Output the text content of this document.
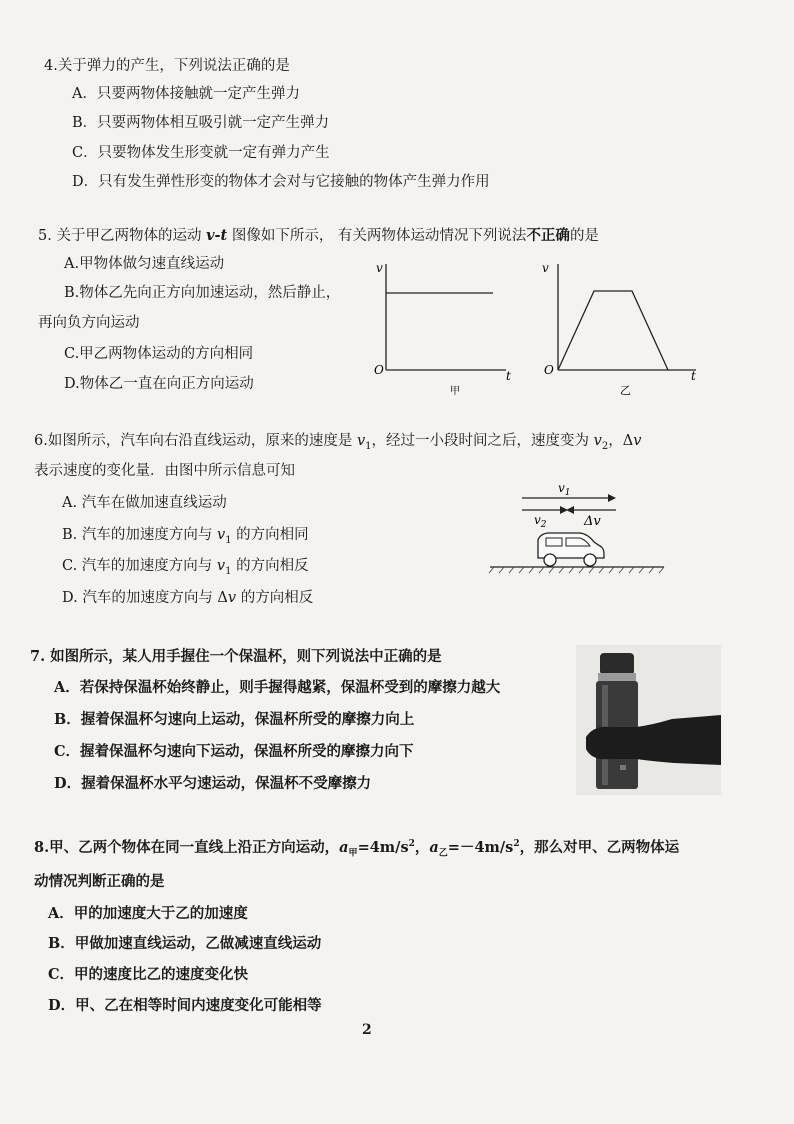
4.关于弹力的产生，下列说法正确的是
A．只要两物体接触就一定产生弹力
B．只要两物体相互吸引就一定产生弹力
C．只要物体发生形变就一定有弹力产生
D．只有发生弹性形变的物体才会对与它接触的物体产生弹力作用
5. 关于甲乙两物体的运动 v-t 图像如下所示， 有关两物体运动情况下列说法不正确的是
A.甲物体做匀速直线运动
B.物体乙先向正方向加速运动，然后静止，
再向负方向运动
C.甲乙两物体运动的方向相同
D.物体乙一直在向正方向运动
v
t
O
甲
v
t
O
乙
6.如图所示，汽车向右沿直线运动，原来的速度是 $v_1$，经过一小段时间之后，速度变为 $v_2$，Δv
表示速度的变化量．由图中所示信息可知
A. 汽车在做加速直线运动
B. 汽车的加速度方向与 $v_1$ 的方向相同
C. 汽车的加速度方向与 $v_1$ 的方向相反
D. 汽车的加速度方向与 Δv 的方向相反
$v_1$
$v_2$	Δv
7. 如图所示，某人用手握住一个保温杯，则下列说法中正确的是
A．若保持保温杯始终静止，则手握得越紧，保温杯受到的摩擦力越大
B．握着保温杯匀速向上运动，保温杯所受的摩擦力向上
C．握着保温杯匀速向下运动，保温杯所受的摩擦力向下
D．握着保温杯水平匀速运动，保温杯不受摩擦力
8.甲、乙两个物体在同一直线上沿正方向运动，$a_甲=4m/s^2$，$a_乙=-4m/s^2$，那么对甲、乙两物体运
动情况判断正确的是
A．甲的加速度大于乙的加速度
B．甲做加速直线运动，乙做减速直线运动
C．甲的速度比乙的速度变化快
D．甲、乙在相等时间内速度变化可能相等
2
